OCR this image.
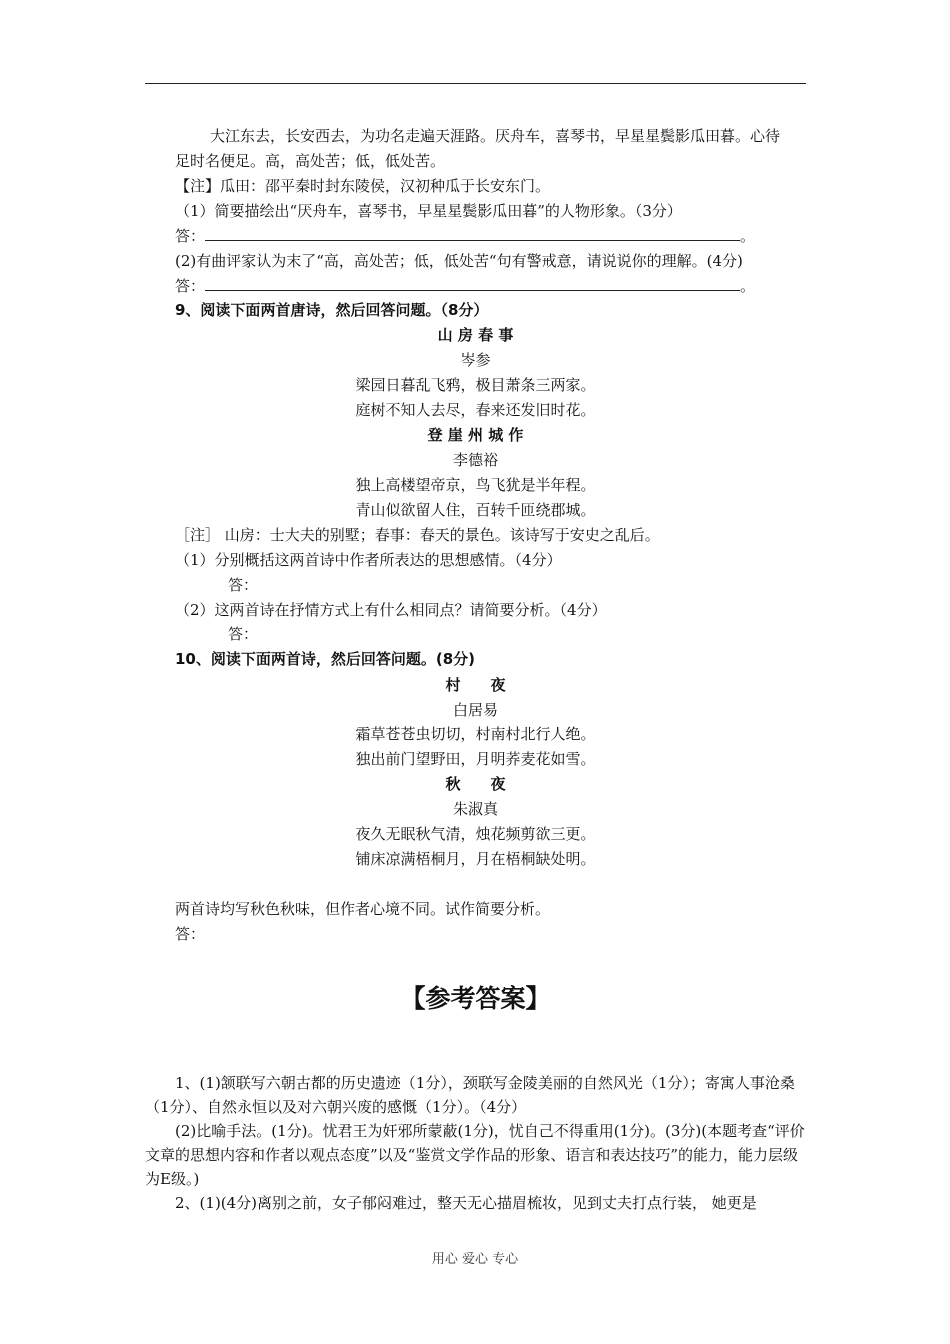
大江东去，长安西去，为功名走遍天涯路。厌舟车，喜琴书，早星星鬓影瓜田暮。心待
足时名便足。高，高处苦；低，低处苦。
【注】瓜田：邵平秦时封东陵侯，汉初种瓜于长安东门。
（1）简要描绘出“厌舟车，喜琴书，早星星鬓影瓜田暮”的人物形象。（3分）
答：	。
(2)有曲评家认为末了“高，高处苦；低，低处苦“句有警戒意，请说说你的理解。(4分)
答：	。
9、阅读下面两首唐诗，然后回答问题。（8分）
山 房 春 事
岑参
梁园日暮乱飞鸦，极目萧条三两家。
庭树不知人去尽，春来还发旧时花。
登 崖 州 城 作
李德裕
独上高楼望帝京，鸟飞犹是半年程。
青山似欲留人住，百转千匝绕郡城。
［注］ 山房：士大夫的别墅；春事：春天的景色。该诗写于安史之乱后。
（1）分别概括这两首诗中作者所表达的思想感情。（4分）
答：
（2）这两首诗在抒情方式上有什么相同点？请简要分析。（4分）
答：
10、阅读下面两首诗，然后回答问题。(8分)
村　　夜
白居易
霜草苍苍虫切切，村南村北行人绝。
独出前门望野田，月明荞麦花如雪。
秋　　夜
朱淑真
夜久无眠秋气清，烛花频剪欲三更。
铺床凉满梧桐月，月在梧桐缺处明。
两首诗均写秋色秋味，但作者心境不同。试作简要分析。
答：
【参考答案】
1、(1)颔联写六朝古都的历史遗迹（1分），颈联写金陵美丽的自然风光（1分）；寄寓人事沧桑（1分）、自然永恒以及对六朝兴废的感慨（1分）。（4分）
(2)比喻手法。(1分)。忧君王为奸邪所蒙蔽(1分)，忧自己不得重用(1分)。(3分)(本题考查“评价文章的思想内容和作者以观点态度”以及“鉴赏文学作品的形象、语言和表达技巧”的能力，能力层级为E级。)
2、(1)(4分)离别之前，女子郁闷难过，整天无心描眉梳妆，见到丈夫打点行装， 她更是
用心 爱心 专心
